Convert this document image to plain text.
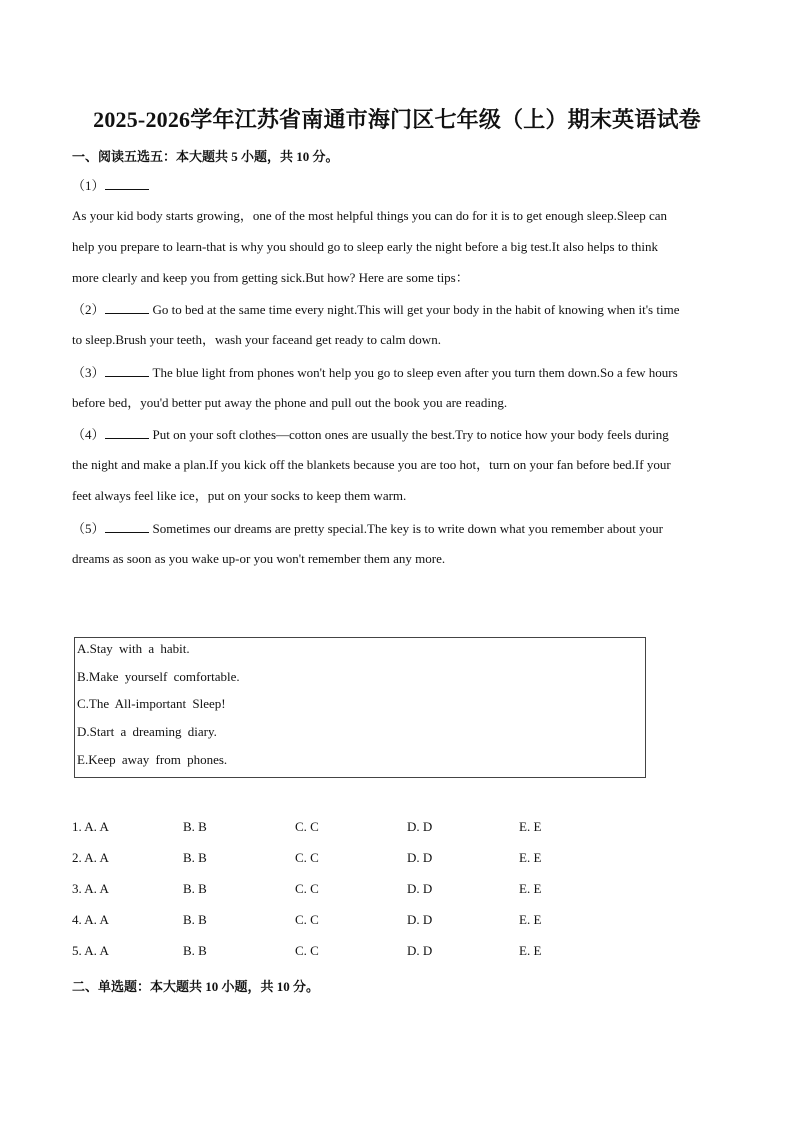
2025-2026学年江苏省南通市海门区七年级（上）期末英语试卷
一、阅读五选五：本大题共 5 小题，共 10 分。
（1）
As your kid body starts growing，one of the most helpful things you can do for it is to get enough sleep.Sleep can
help you prepare to learn-that is why you should go to sleep early the night before a big test.It also helps to think
more clearly and keep you from getting sick.But how? Here are some tips：
（2）	Go to bed at the same time every night.This will get your body in the habit of knowing when it's time
to sleep.Brush your teeth，wash your faceand get ready to calm down.
（3）	The blue light from phones won't help you go to sleep even after you turn them down.So a few hours
before bed，you'd better put away the phone and pull out the book you are reading.
（4）	Put on your soft clothes—cotton ones are usually the best.Try to notice how your body feels during
the night and make a plan.If you kick off the blankets because you are too hot，turn on your fan before bed.If your
feet always feel like ice，put on your socks to keep them warm.
（5）	Sometimes our dreams are pretty special.The key is to write down what you remember about your
dreams as soon as you wake up-or you won't remember them any more.
A.Stay with a habit.
B.Make yourself comfortable.
C.The All-important Sleep!
D.Start a dreaming diary.
E.Keep away from phones.
1. A. A	B. B	C. C	D. D	E. E
2. A. A	B. B	C. C	D. D	E. E
3. A. A	B. B	C. C	D. D	E. E
4. A. A	B. B	C. C	D. D	E. E
5. A. A	B. B	C. C	D. D	E. E
二、单选题：本大题共 10 小题，共 10 分。
